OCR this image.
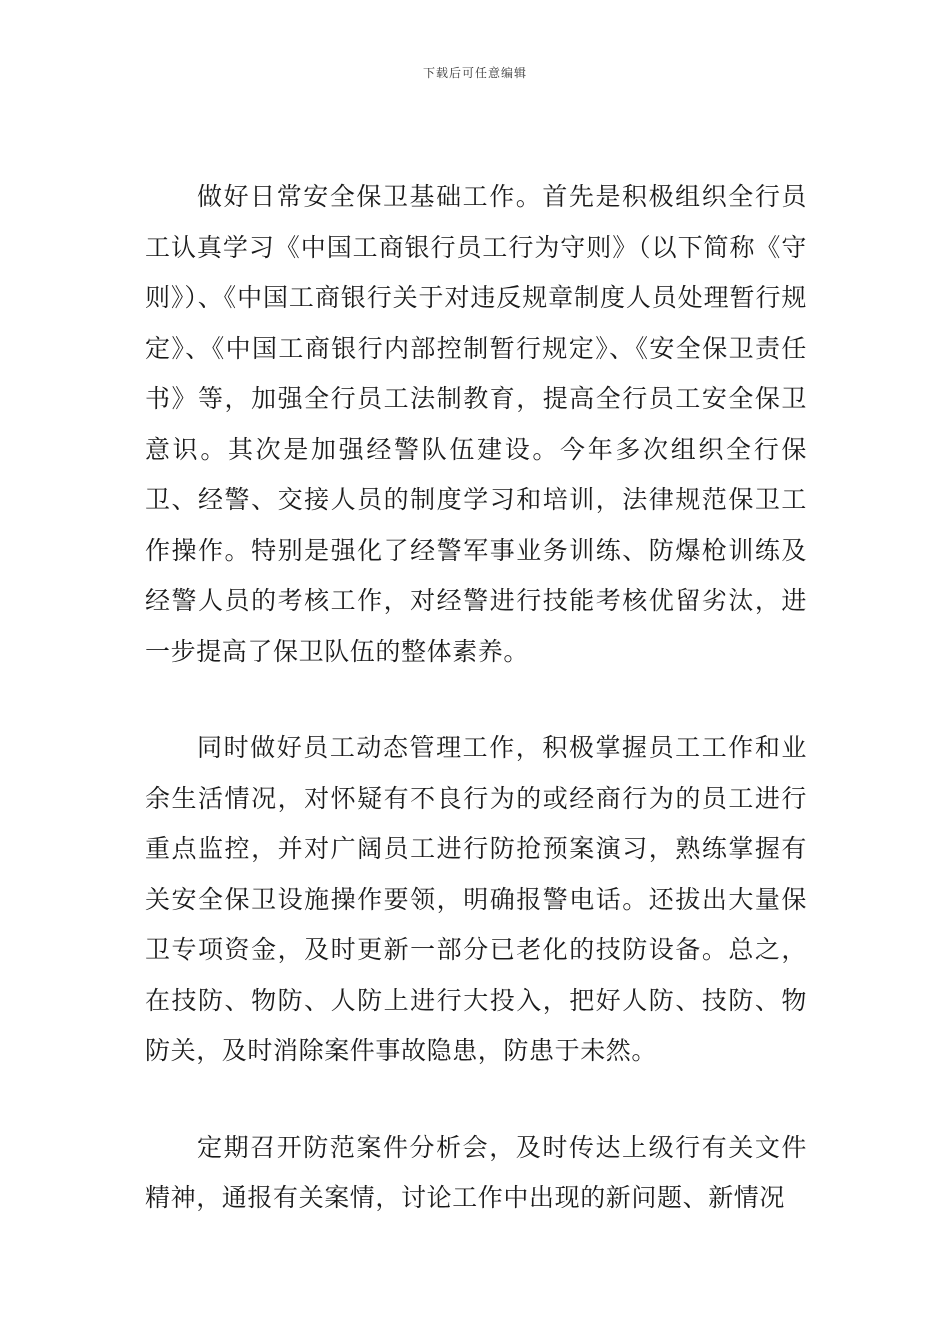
下载后可任意编辑

做好日常安全保卫基础工作。首先是积极组织全行员工认真学习《中国工商银行员工行为守则》（以下简称《守则》）、《中国工商银行关于对违反规章制度人员处理暂行规定》、《中国工商银行内部控制暂行规定》、《安全保卫责任书》等，加强全行员工法制教育，提高全行员工安全保卫意识。其次是加强经警队伍建设。今年多次组织全行保卫、经警、交接人员的制度学习和培训，法律规范保卫工作操作。特别是强化了经警军事业务训练、防爆枪训练及经警人员的考核工作，对经警进行技能考核优留劣汰，进一步提高了保卫队伍的整体素养。

同时做好员工动态管理工作，积极掌握员工工作和业余生活情况，对怀疑有不良行为的或经商行为的员工进行重点监控，并对广阔员工进行防抢预案演习，熟练掌握有关安全保卫设施操作要领，明确报警电话。还拔出大量保卫专项资金，及时更新一部分已老化的技防设备。总之，在技防、物防、人防上进行大投入，把好人防、技防、物防关，及时消除案件事故隐患，防患于未然。

定期召开防范案件分析会，及时传达上级行有关文件精神，通报有关案情，讨论工作中出现的新问题、新情况
